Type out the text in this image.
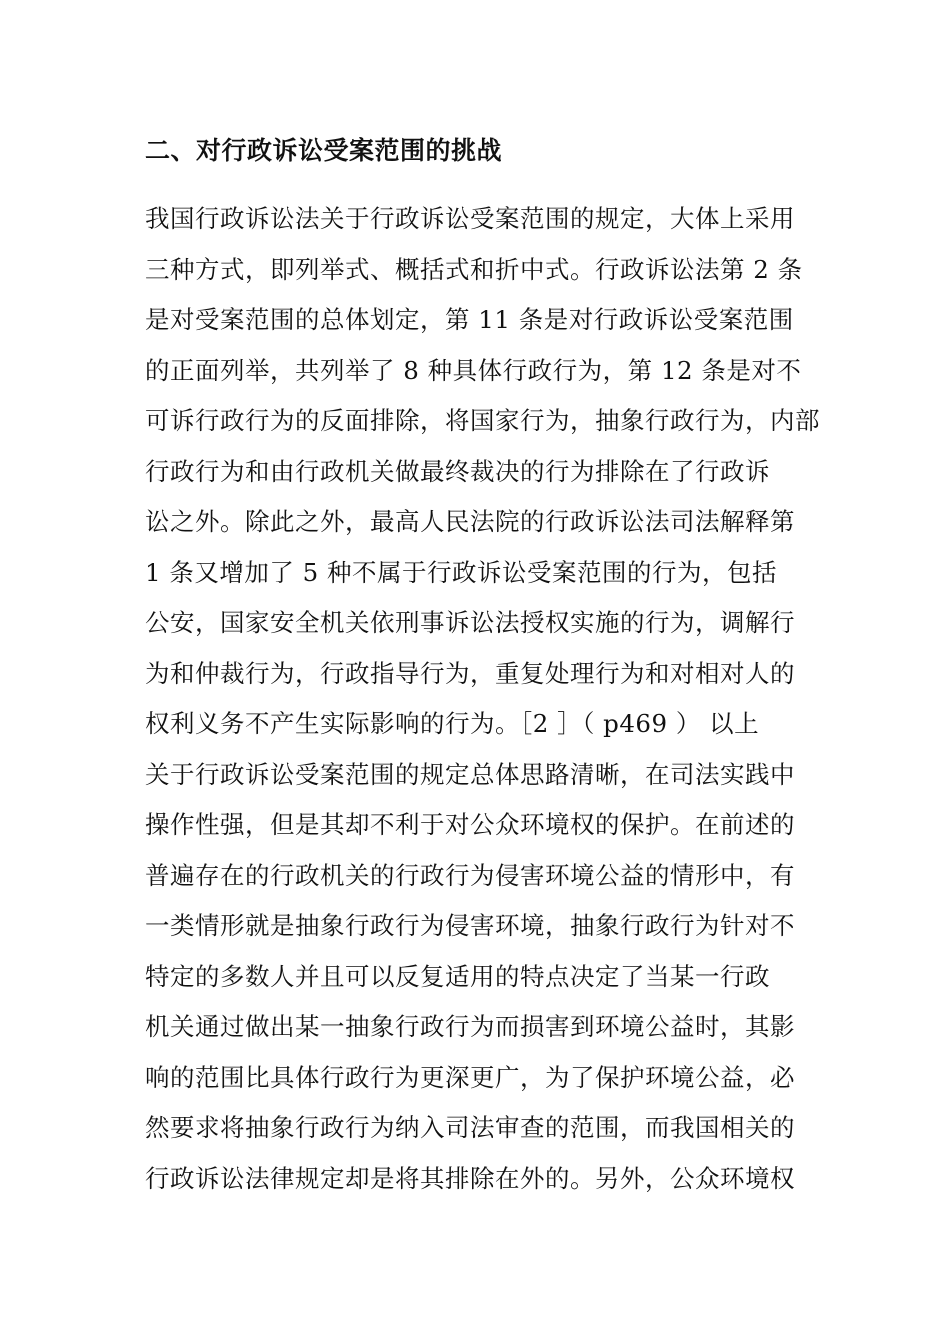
二、对行政诉讼受案范围的挑战
我国行政诉讼法关于行政诉讼受案范围的规定，大体上采用
三种方式，即列举式、概括式和折中式。行政诉讼法第 2 条
是对受案范围的总体划定，第 11 条是对行政诉讼受案范围
的正面列举，共列举了 8 种具体行政行为，第 12 条是对不
可诉行政行为的反面排除，将国家行为，抽象行政行为，内部
行政行为和由行政机关做最终裁决的行为排除在了行政诉
讼之外。除此之外，最高人民法院的行政诉讼法司法解释第
1 条又增加了 5 种不属于行政诉讼受案范围的行为，包括
公安，国家安全机关依刑事诉讼法授权实施的行为，调解行
为和仲裁行为，行政指导行为，重复处理行为和对相对人的
权利义务不产生实际影响的行为。［2 ］（ p469 ） 以上
关于行政诉讼受案范围的规定总体思路清晰，在司法实践中
操作性强，但是其却不利于对公众环境权的保护。在前述的
普遍存在的行政机关的行政行为侵害环境公益的情形中，有
一类情形就是抽象行政行为侵害环境，抽象行政行为针对不
特定的多数人并且可以反复适用的特点决定了当某一行政
机关通过做出某一抽象行政行为而损害到环境公益时，其影
响的范围比具体行政行为更深更广，为了保护环境公益，必
然要求将抽象行政行为纳入司法审查的范围，而我国相关的
行政诉讼法律规定却是将其排除在外的。另外，公众环境权
